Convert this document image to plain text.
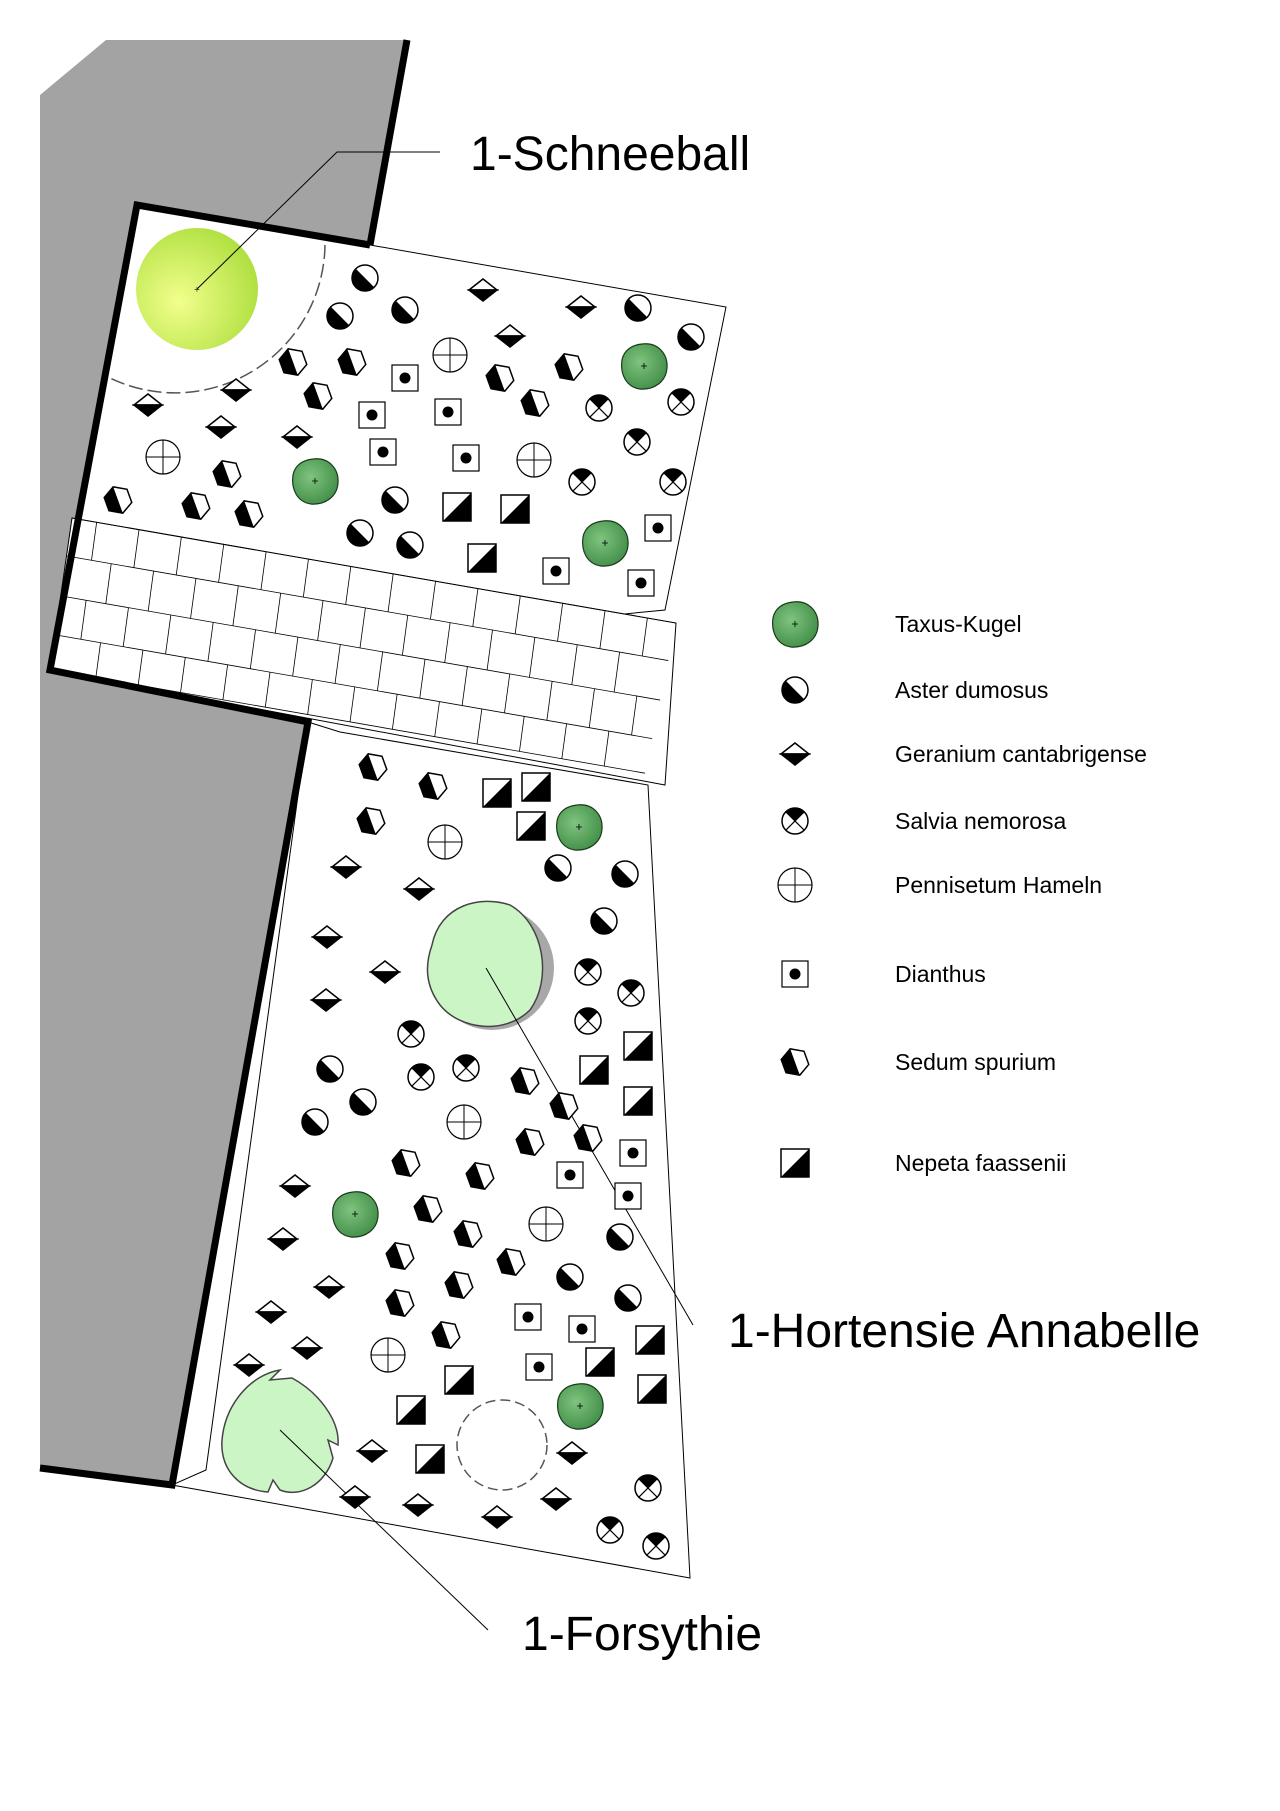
+
1-Schneeball
1-Hortensie Annabelle
1-Forsythie
Taxus-Kugel
Aster dumosus
Geranium cantabrigense
Salvia nemorosa
Pennisetum Hameln
Dianthus
Sedum spurium
Nepeta faassenii
